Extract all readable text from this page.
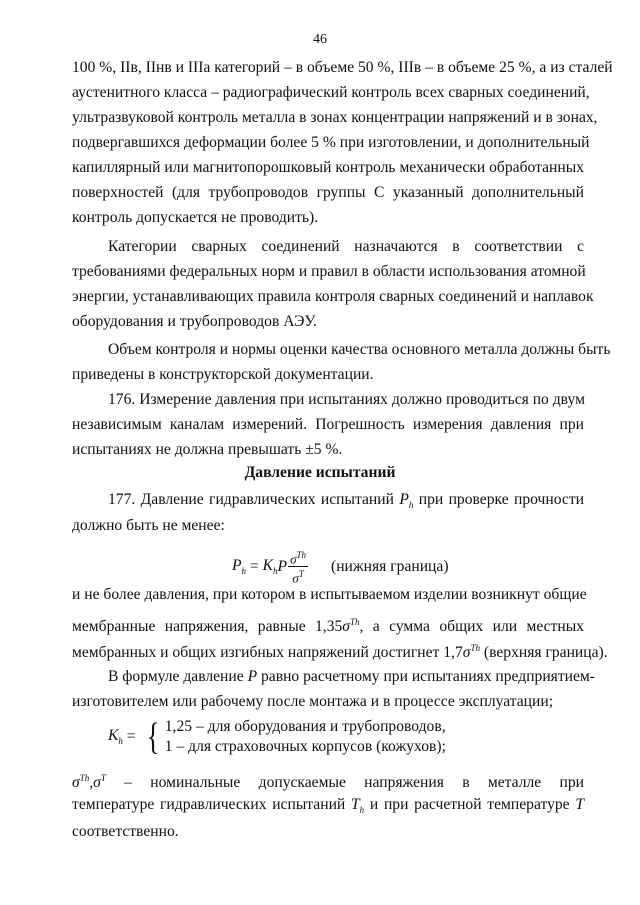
46
100 %, IIв, IIнв и IIIa категорий – в объеме 50 %, IIIв – в объеме 25 %, а из сталей
аустенитного класса – радиографический контроль всех сварных соединений,
ультразвуковой контроль металла в зонах концентрации напряжений и в зонах,
подвергавшихся деформации более 5 % при изготовлении, и дополнительный
капиллярный или магнитопорошковый контроль механически обработанных
поверхностей (для трубопроводов группы C указанный дополнительный
контроль допускается не проводить).
Категории сварных соединений назначаются в соответствии с
требованиями федеральных норм и правил в области использования атомной
энергии, устанавливающих правила контроля сварных соединений и наплавок
оборудования и трубопроводов АЭУ.
Объем контроля и нормы оценки качества основного металла должны быть
приведены в конструкторской документации.
176. Измерение давления при испытаниях должно проводиться по двум
независимым каналам измерений. Погрешность измерения давления при
испытаниях не должна превышать ±5 %.
Давление испытаний
177. Давление гидравлических испытаний $P_h$ при проверке прочности
должно быть не менее:
$P_h = K_h$ P $\frac{\sigma^{Th}}{\sigma^T}$ (нижняя граница)
и не более давления, при котором в испытываемом изделии возникнут общие
мембранные напряжения, равные $1,35\sigma^{Th}$, а сумма общих или местных
мембранных и общих изгибных напряжений достигнет $1,7\sigma^{Th}$ (верхняя граница).
В формуле давление P равно расчетному при испытаниях предприятием-
изготовителем или рабочему после монтажа и в процессе эксплуатации;
$K_h$ = { 1,25 – для оборудования и трубопроводов,
1 – для страховочных корпусов (кожухов);
$\sigma^{Th},\sigma^T$ – номинальные допускаемые напряжения в металле при
температуре гидравлических испытаний $T_h$ и при расчетной температуре T
соответственно.
